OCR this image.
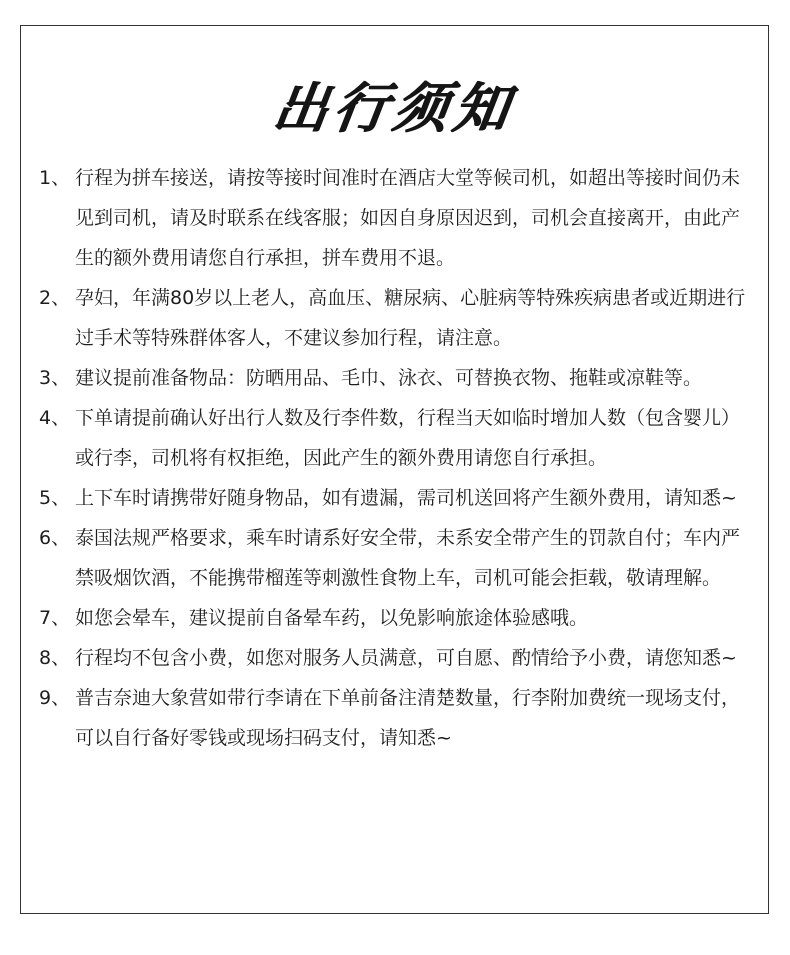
出行须知
1、 行程为拼车接送，请按等接时间准时在酒店大堂等候司机，如超出等接时间仍未见到司机，请及时联系在线客服；如因自身原因迟到，司机会直接离开，由此产生的额外费用请您自行承担，拼车费用不退。
2、 孕妇，年满80岁以上老人，高血压、糖尿病、心脏病等特殊疾病患者或近期进行过手术等特殊群体客人，不建议参加行程，请注意。
3、 建议提前准备物品：防晒用品、毛巾、泳衣、可替换衣物、拖鞋或凉鞋等。
4、 下单请提前确认好出行人数及行李件数，行程当天如临时增加人数（包含婴儿）或行李，司机将有权拒绝，因此产生的额外费用请您自行承担。
5、 上下车时请携带好随身物品，如有遗漏，需司机送回将产生额外费用，请知悉~
6、 泰国法规严格要求，乘车时请系好安全带，未系安全带产生的罚款自付；车内严禁吸烟饮酒，不能携带榴莲等刺激性食物上车，司机可能会拒载，敬请理解。
7、 如您会晕车，建议提前自备晕车药，以免影响旅途体验感哦。
8、 行程均不包含小费，如您对服务人员满意，可自愿、酌情给予小费，请您知悉~
9、 普吉奈迪大象营如带行李请在下单前备注清楚数量，行李附加费统一现场支付，可以自行备好零钱或现场扫码支付，请知悉~
